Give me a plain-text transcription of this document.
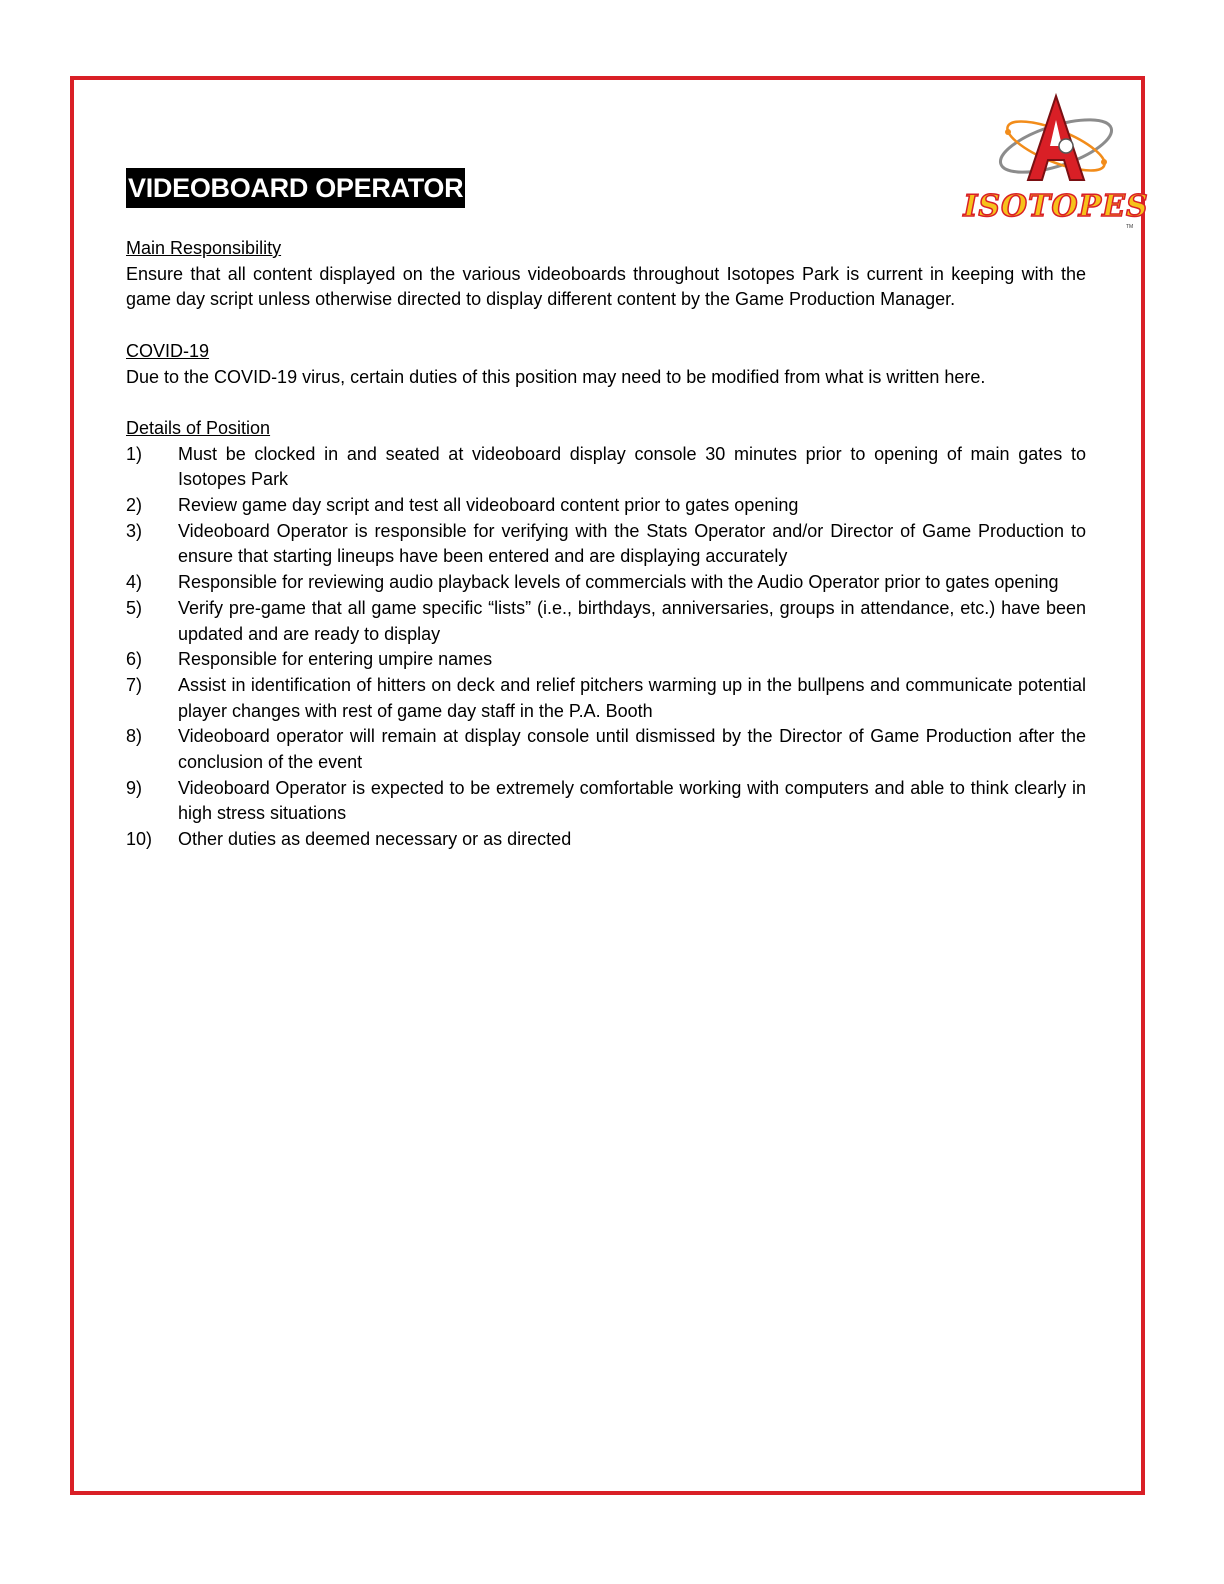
ISOTOPES
TM
VIDEOBOARD OPERATOR

Main Responsibility

Ensure that all content displayed on the various videoboards throughout Isotopes Park is current in keeping with the game day script unless otherwise directed to display different content by the Game Production Manager.

COVID-19

Due to the COVID-19 virus, certain duties of this position may need to be modified from what is written here.

Details of Position

1)	Must be clocked in and seated at videoboard display console 30 minutes prior to opening of main gates to Isotopes Park
2)	Review game day script and test all videoboard content prior to gates opening
3)	Videoboard Operator is responsible for verifying with the Stats Operator and/or Director of Game Production to ensure that starting lineups have been entered and are displaying accurately
4)	Responsible for reviewing audio playback levels of commercials with the Audio Operator prior to gates opening
5)	Verify pre-game that all game specific “lists” (i.e., birthdays, anniversaries, groups in attendance, etc.) have been updated and are ready to display
6)	Responsible for entering umpire names
7)	Assist in identification of hitters on deck and relief pitchers warming up in the bullpens and communicate potential player changes with rest of game day staff in the P.A. Booth
8)	Videoboard operator will remain at display console until dismissed by the Director of Game Production after the conclusion of the event
9)	Videoboard Operator is expected to be extremely comfortable working with computers and able to think clearly in high stress situations
10)	Other duties as deemed necessary or as directed
